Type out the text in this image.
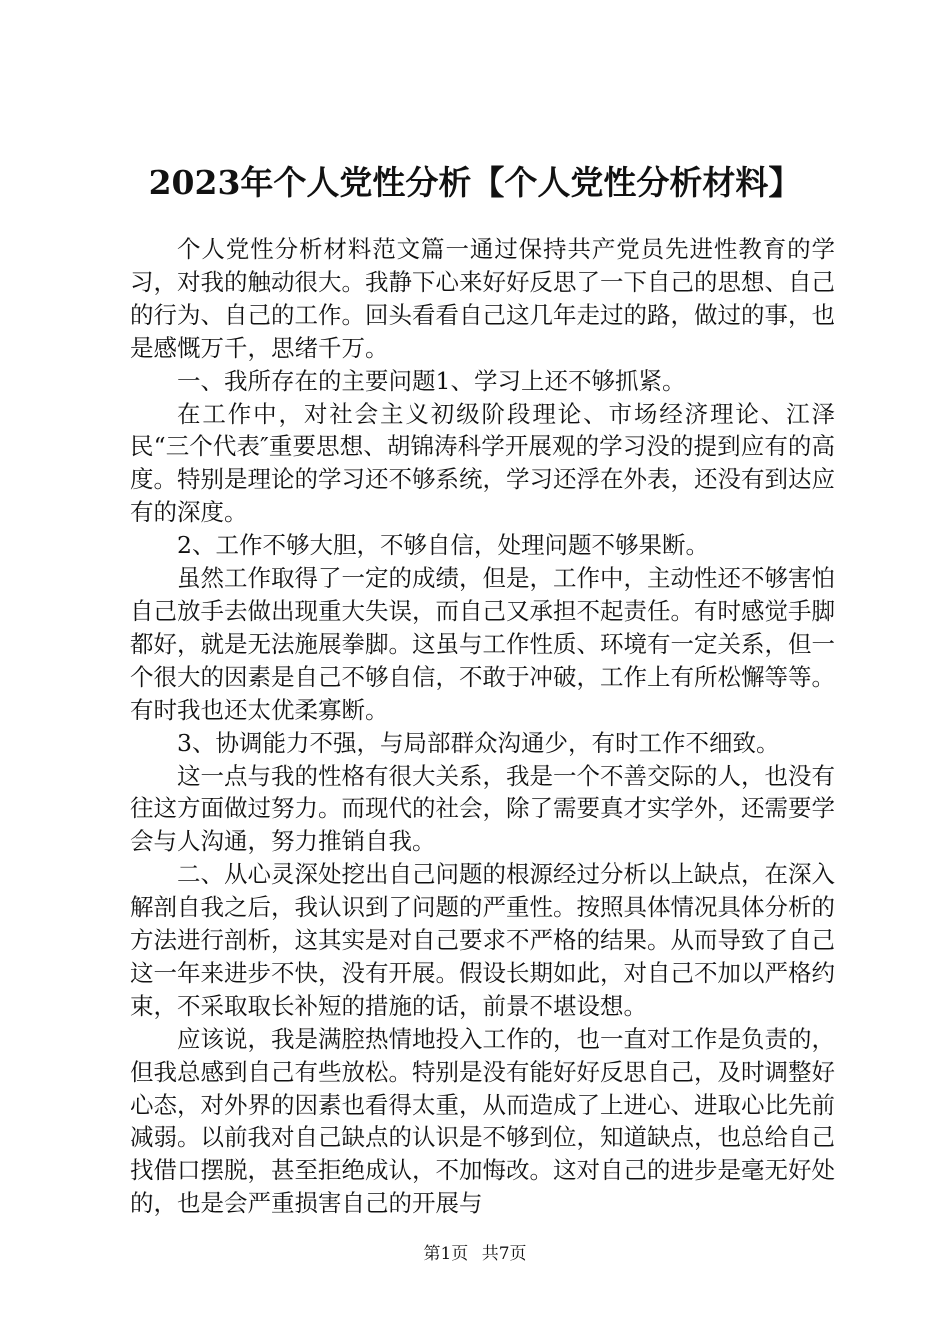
2023年个人党性分析【个人党性分析材料】

个人党性分析材料范文篇一通过保持共产党员先进性教育的学习，对我的触动很大。我静下心来好好反思了一下自己的思想、自己的行为、自己的工作。回头看看自己这几年走过的路，做过的事，也是感慨万千，思绪千万。

一、我所存在的主要问题1、学习上还不够抓紧。

在工作中，对社会主义初级阶段理论、市场经济理论、江泽民“三个代表″重要思想、胡锦涛科学开展观的学习没的提到应有的高度。特别是理论的学习还不够系统，学习还浮在外表，还没有到达应有的深度。

2、工作不够大胆，不够自信，处理问题不够果断。

虽然工作取得了一定的成绩，但是，工作中，主动性还不够害怕自己放手去做出现重大失误，而自己又承担不起责任。有时感觉手脚都好，就是无法施展拳脚。这虽与工作性质、环境有一定关系，但一个很大的因素是自己不够自信，不敢于冲破，工作上有所松懈等等。有时我也还太优柔寡断。

3、协调能力不强，与局部群众沟通少，有时工作不细致。

这一点与我的性格有很大关系，我是一个不善交际的人，也没有往这方面做过努力。而现代的社会，除了需要真才实学外，还需要学会与人沟通，努力推销自我。

二、从心灵深处挖出自己问题的根源经过分析以上缺点，在深入解剖自我之后，我认识到了问题的严重性。按照具体情况具体分析的方法进行剖析，这其实是对自己要求不严格的结果。从而导致了自己这一年来进步不快，没有开展。假设长期如此，对自己不加以严格约束，不采取取长补短的措施的话，前景不堪设想。

应该说，我是满腔热情地投入工作的，也一直对工作是负责的，但我总感到自己有些放松。特别是没有能好好反思自己，及时调整好心态，对外界的因素也看得太重，从而造成了上进心、进取心比先前减弱。以前我对自己缺点的认识是不够到位，知道缺点，也总给自己找借口摆脱，甚至拒绝成认，不加悔改。这对自己的进步是毫无好处的，也是会严重损害自己的开展与

第1页 共7页
